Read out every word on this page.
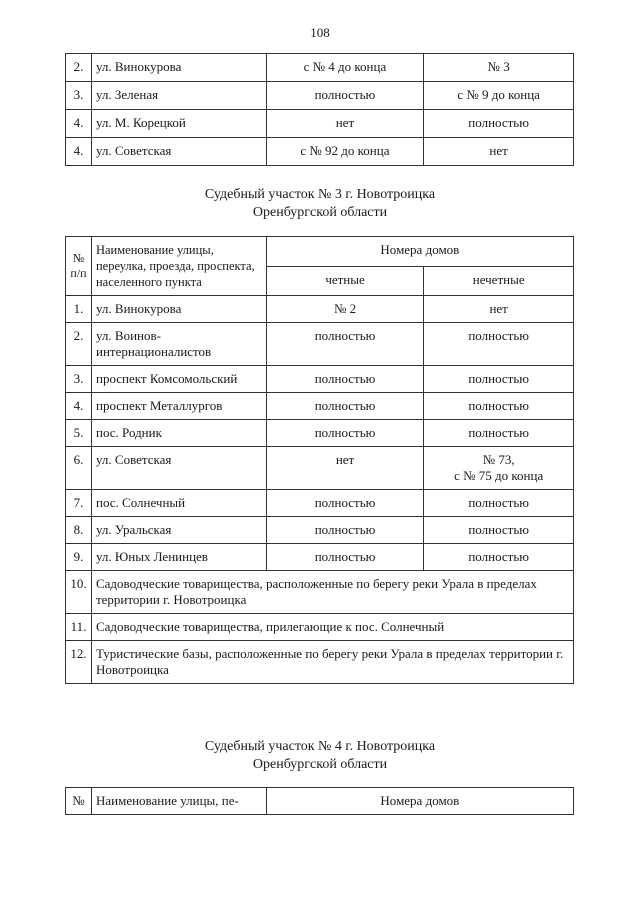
108
2.	ул. Винокурова	с № 4 до конца	№ 3
3.	ул. Зеленая	полностью	с № 9 до конца
4.	ул. М. Корецкой	нет	полностью
4.	ул. Советская	с № 92 до конца	нет
Судебный участок № 3 г. Новотроицка
Оренбургской области
№ п/п	Наименование улицы, переулка, проезда, проспекта, населенного пункта	Номера домов	
		четные	нечетные
1.	ул. Винокурова	№ 2	нет
2.	ул. Воинов-интернационалистов	полностью	полностью
3.	проспект Комсомольский	полностью	полностью
4.	проспект Металлургов	полностью	полностью
5.	пос. Родник	полностью	полностью
6.	ул. Советская	нет	№ 73,
с № 75 до конца

7.	пос. Солнечный	полностью	полностью
8.	ул. Уральская	полностью	полностью
9.	ул. Юных Ленинцев	полностью	полностью
10.	Садоводческие товарищества, расположенные по берегу реки Урала в пределах территории г. Новотроицка		
11.	Садоводческие товарищества, прилегающие к пос. Солнечный		
12.	Туристические базы, расположенные по берегу реки Урала в пределах территории г. Новотроицка		
Судебный участок № 4 г. Новотроицка
Оренбургской области
№	Наименование улицы, пе-	Номера домов
